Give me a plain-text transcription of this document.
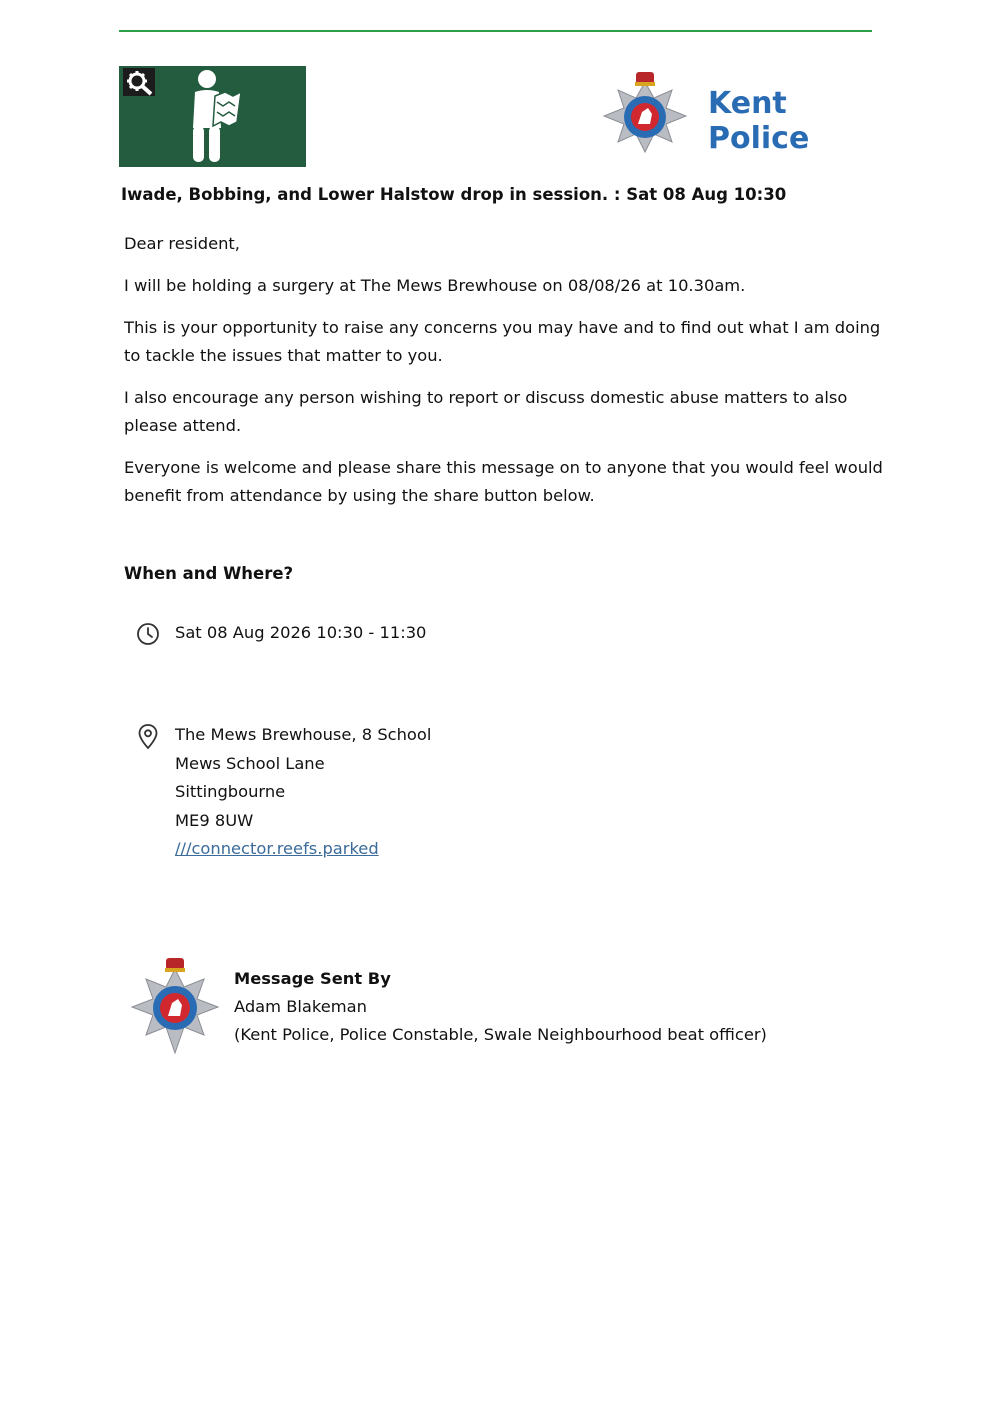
Kent
Police
Iwade, Bobbing, and Lower Halstow drop in session. : Sat 08 Aug 10:30

Dear resident,

I will be holding a surgery at The Mews Brewhouse on 08/08/26 at 10.30am.

This is your opportunity to raise any concerns you may have and to find out what I am doing to tackle the issues that matter to you.

I also encourage any person wishing to report or discuss domestic abuse matters to also please attend.

Everyone is welcome and please share this message on to anyone that you would feel would benefit from attendance by using the share button below.

When and Where?
Sat 08 Aug 2026 10:30 - 11:30
The Mews Brewhouse, 8 School
Mews School Lane
Sittingbourne
ME9 8UW
///connector.reefs.parked
Message Sent By
Adam Blakeman
(Kent Police, Police Constable, Swale Neighbourhood beat officer)
